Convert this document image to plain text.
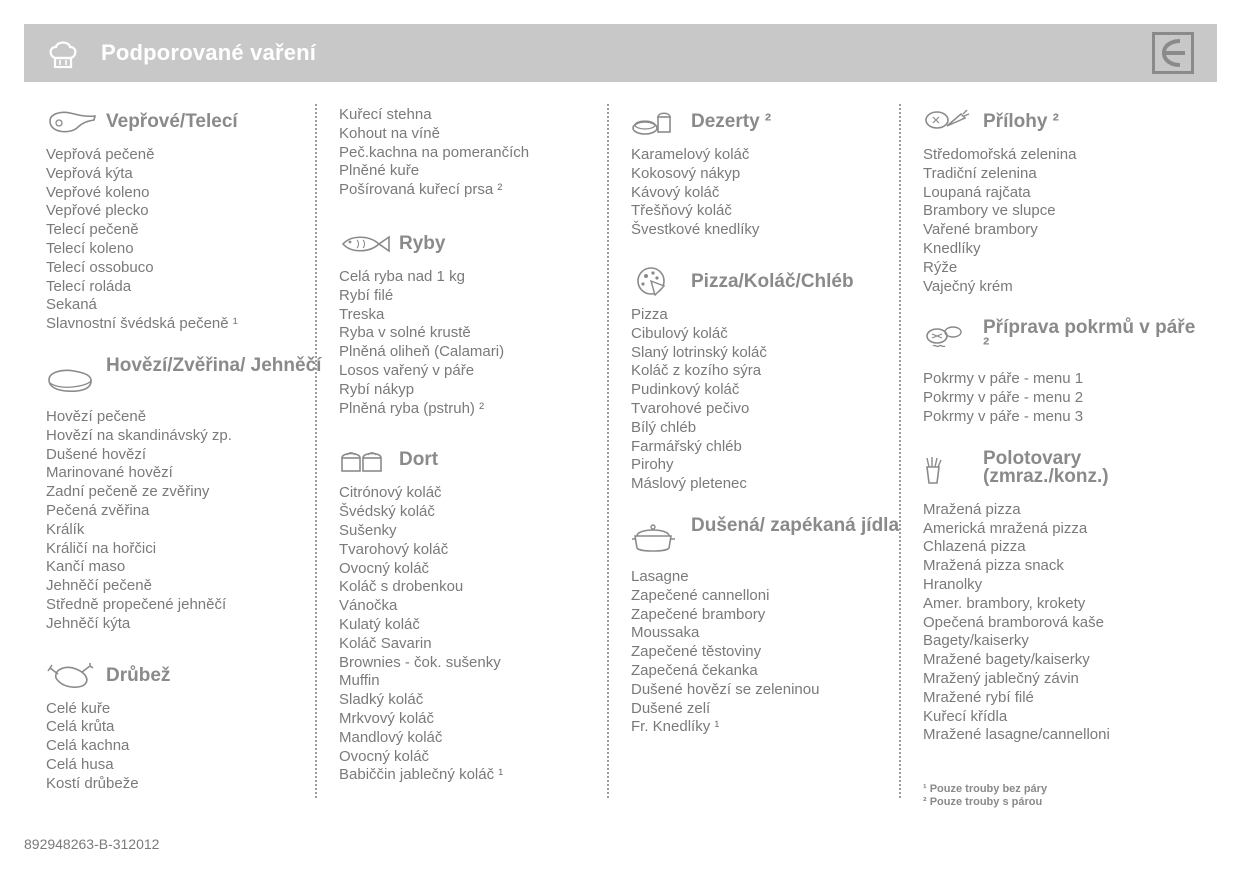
Podporované vaření
Vepřové/Telecí
Vepřová pečeně
Vepřová kýta
Vepřové koleno
Vepřové plecko
Telecí pečeně
Telecí koleno
Telecí ossobuco
Telecí roláda
Sekaná
Slavnostní švédská pečeně ¹
Hovězí/Zvěřina/ Jehněčí
Hovězí pečeně
Hovězí na skandinávský zp.
Dušené hovězí
Marinované hovězí
Zadní pečeně ze zvěřiny
Pečená zvěřina
Králík
Králičí na hořčici
Kančí maso
Jehněčí pečeně
Středně propečené jehněčí
Jehněčí kýta
Drůbež
Celé kuře
Celá krůta
Celá kachna
Celá husa
Kostí drůbeže
Kuřecí stehna
Kohout na víně
Peč.kachna na pomerančích
Plněné kuře
Pošírovaná kuřecí prsa ²
Ryby
Celá ryba nad 1 kg
Rybí filé
Treska
Ryba v solné krustě
Plněná oliheň (Calamari)
Losos vařený v páře
Rybí nákyp
Plněná ryba (pstruh) ²
Dort
Citrónový koláč
Švédský koláč
Sušenky
Tvarohový koláč
Ovocný koláč
Koláč s drobenkou
Vánočka
Kulatý koláč
Koláč Savarin
Brownies - čok. sušenky
Muffin
Sladký koláč
Mrkvový koláč
Mandlový koláč
Ovocný koláč
Babiččin jablečný koláč ¹
Dezerty ²
Karamelový koláč
Kokosový nákyp
Kávový koláč
Třešňový koláč
Švestkové knedlíky
Pizza/Koláč/Chléb
Pizza
Cibulový koláč
Slaný lotrinský koláč
Koláč z kozího sýra
Pudinkový koláč
Tvarohové pečivo
Bílý chléb
Farmářský chléb
Pirohy
Máslový pletenec
Dušená/ zapékaná jídla
Lasagne
Zapečené cannelloni
Zapečené brambory
Moussaka
Zapečené těstoviny
Zapečená čekanka
Dušené hovězí se zeleninou
Dušené zelí
Fr. Knedlíky ¹
Přílohy ²
Středomořská zelenina
Tradiční zelenina
Loupaná rajčata
Brambory ve slupce
Vařené brambory
Knedlíky
Rýže
Vaječný krém
Příprava pokrmů v páře ²
Pokrmy v páře - menu 1
Pokrmy v páře - menu 2
Pokrmy v páře - menu 3
Polotovary (zmraz./konz.)
Mražená pizza
Americká mražená pizza
Chlazená pizza
Mražená pizza snack
Hranolky
Amer. brambory, krokety
Opečená bramborová kaše
Bagety/kaiserky
Mražené bagety/kaiserky
Mražený jablečný závin
Mražené rybí filé
Kuřecí křídla
Mražené lasagne/cannelloni
¹ Pouze trouby bez páry
² Pouze trouby s párou
892948263-B-312012
